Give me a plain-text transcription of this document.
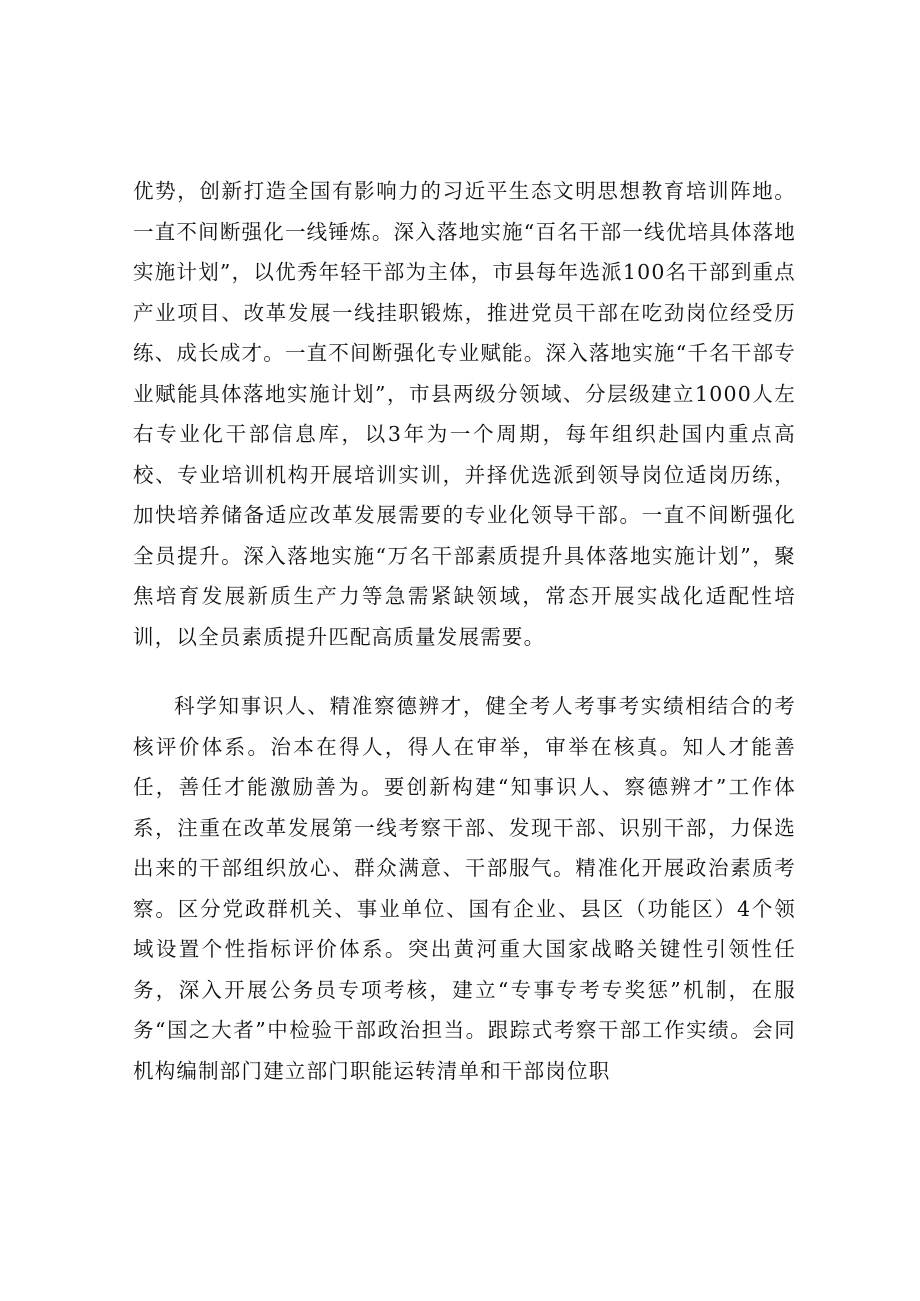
优势，创新打造全国有影响力的习近平生态文明思想教育培训阵地。一直不间断强化一线锤炼。深入落地实施“百名干部一线优培具体落地实施计划”，以优秀年轻干部为主体，市县每年选派100名干部到重点产业项目、改革发展一线挂职锻炼，推进党员干部在吃劲岗位经受历练、成长成才。一直不间断强化专业赋能。深入落地实施“千名干部专业赋能具体落地实施计划”，市县两级分领域、分层级建立1000人左右专业化干部信息库，以3年为一个周期，每年组织赴国内重点高校、专业培训机构开展培训实训，并择优选派到领导岗位适岗历练，加快培养储备适应改革发展需要的专业化领导干部。一直不间断强化全员提升。深入落地实施“万名干部素质提升具体落地实施计划”，聚焦培育发展新质生产力等急需紧缺领域，常态开展实战化适配性培训，以全员素质提升匹配高质量发展需要。

科学知事识人、精准察德辨才，健全考人考事考实绩相结合的考核评价体系。治本在得人，得人在审举，审举在核真。知人才能善任，善任才能激励善为。要创新构建“知事识人、察德辨才”工作体系，注重在改革发展第一线考察干部、发现干部、识别干部，力保选出来的干部组织放心、群众满意、干部服气。精准化开展政治素质考察。区分党政群机关、事业单位、国有企业、县区（功能区）4个领域设置个性指标评价体系。突出黄河重大国家战略关键性引领性任务，深入开展公务员专项考核，建立“专事专考专奖惩”机制，在服务“国之大者”中检验干部政治担当。跟踪式考察干部工作实绩。会同机构编制部门建立部门职能运转清单和干部岗位职
